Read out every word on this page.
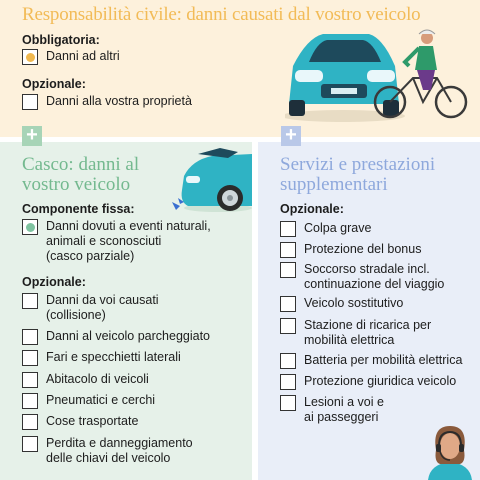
Responsabilità civile: danni causati dal vostro veicolo
Obbligatoria:
Danni ad altri
Opzionale:
Danni alla vostra proprietà
+	+
Casco: danni al
vostro veicolo
Componente fissa:
Danni dovuti a eventi naturali,
animali e sconosciuti
(casco parziale)
Opzionale:
Danni da voi causati
(collisione)
Danni al veicolo parcheggiato
Fari e specchietti laterali
Abitacolo di veicoli
Pneumatici e cerchi
Cose trasportate
Perdita e danneggiamento
delle chiavi del veicolo
Servizi e prestazioni
supplementari
Opzionale:
Colpa grave
Protezione del bonus
Soccorso stradale incl.
continuazione del viaggio
Veicolo sostitutivo
Stazione di ricarica per
mobilità elettrica
Batteria per mobilità elettrica
Protezione giuridica veicolo
Lesioni a voi e
ai passeggeri
